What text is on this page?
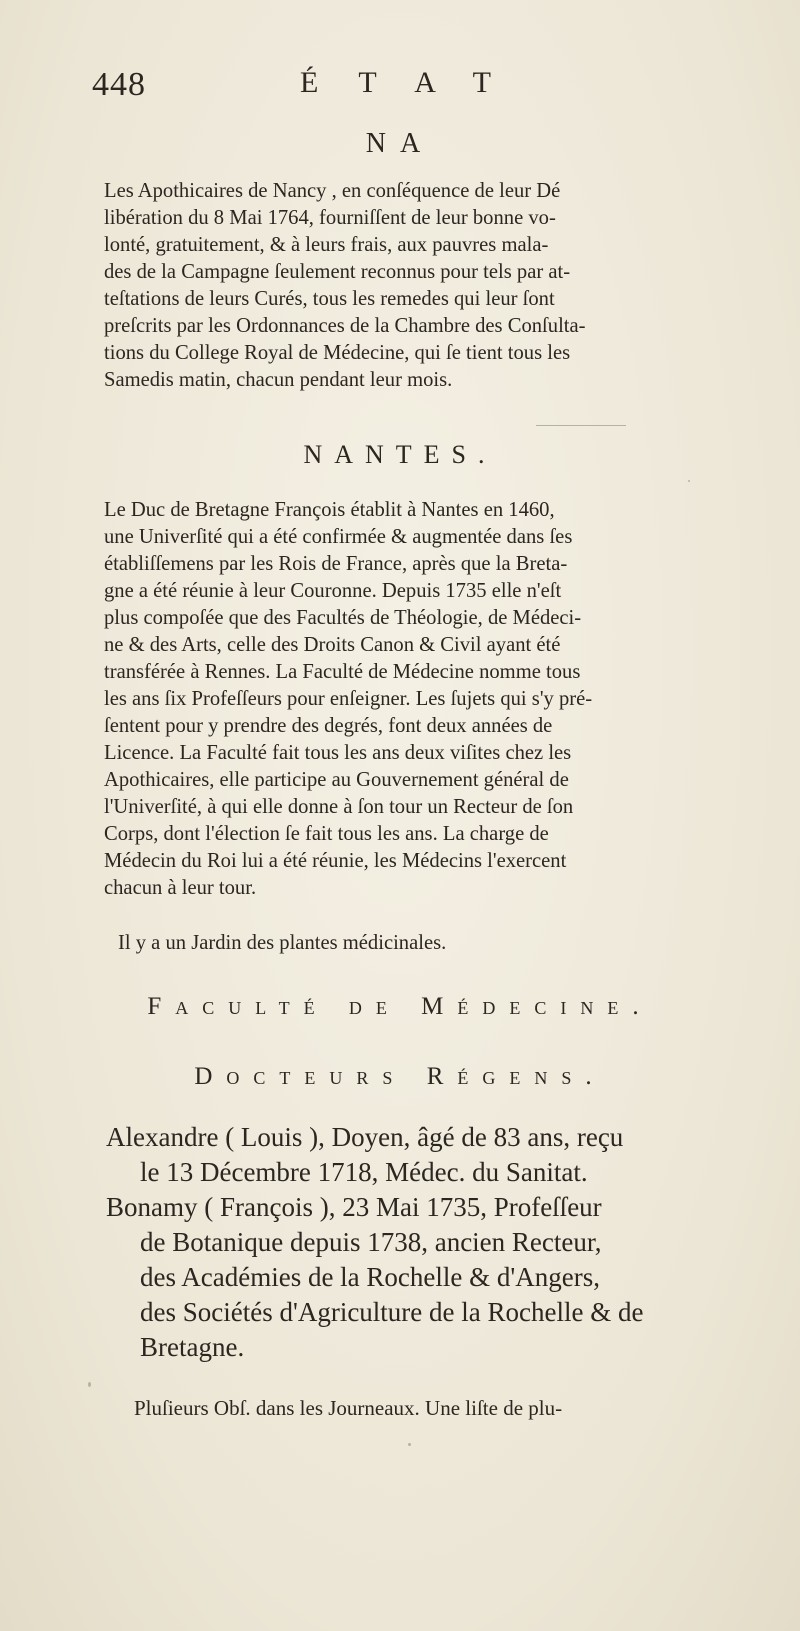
448	ÉTAT
NA
Les Apothicaires de Nancy , en conſéquence de leur Dé
libération du 8 Mai 1764, fourniſſent de leur bonne vo-
lonté, gratuitement, & à leurs frais, aux pauvres mala-
des de la Campagne ſeulement reconnus pour tels par at-
teſtations de leurs Curés, tous les remedes qui leur ſont
preſcrits par les Ordonnances de la Chambre des Conſulta-
tions du College Royal de Médecine, qui ſe tient tous les
Samedis matin, chacun pendant leur mois.
NANTES.
Le Duc de Bretagne François établit à Nantes en 1460,
une Univerſité qui a été confirmée & augmentée dans ſes
établiſſemens par les Rois de France, après que la Breta-
gne a été réunie à leur Couronne. Depuis 1735 elle n'eſt
plus compoſée que des Facultés de Théologie, de Médeci-
ne & des Arts, celle des Droits Canon & Civil ayant été
transférée à Rennes. La Faculté de Médecine nomme tous
les ans ſix Profeſſeurs pour enſeigner. Les ſujets qui s'y pré-
ſentent pour y prendre des degrés, font deux années de
Licence. La Faculté fait tous les ans deux viſites chez les
Apothicaires, elle participe au Gouvernement général de
l'Univerſité, à qui elle donne à ſon tour un Recteur de ſon
Corps, dont l'élection ſe fait tous les ans. La charge de
Médecin du Roi lui a été réunie, les Médecins l'exercent
chacun à leur tour.
Il y a un Jardin des plantes médicinales.
Faculté de Médecine.
Docteurs Régens.
Alexandre ( Louis ), Doyen, âgé de 83 ans, reçu
le 13 Décembre 1718, Médec. du Sanitat.
Bonamy ( François ), 23 Mai 1735, Profeſſeur
de Botanique depuis 1738, ancien Recteur,
des Académies de la Rochelle & d'Angers,
des Sociétés d'Agriculture de la Rochelle & de
Bretagne.
Pluſieurs Obſ. dans les Journeaux. Une liſte de plu-
